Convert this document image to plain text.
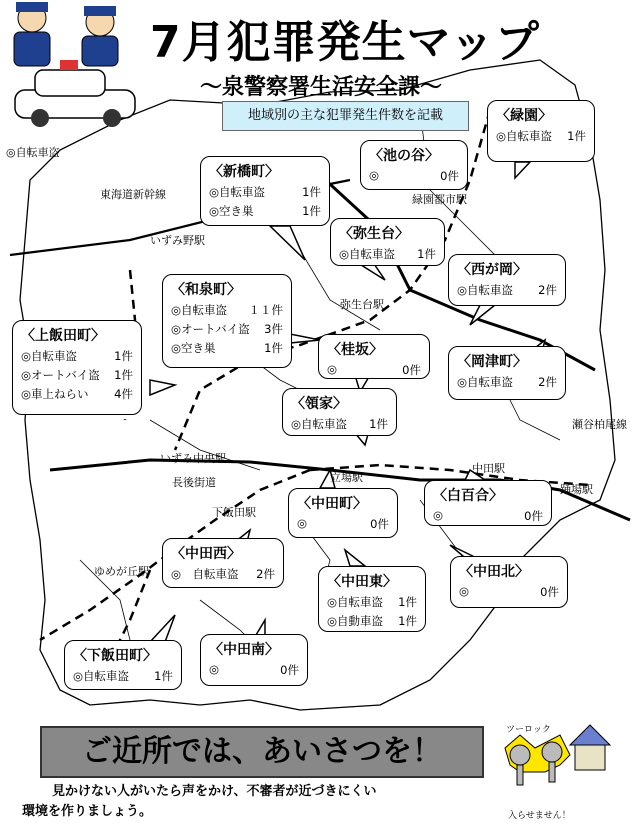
7月犯罪発生マップ
～泉警察署生活安全課～
地域別の主な犯罪発生件数を記載
◎自転車盗
東海道新幹線
いずみ野駅
緑園都市駅
弥生台駅
瀬谷柏尾線
いずみ中央駅
長後街道	立場駅
中田駅
踊場駅
下飯田駅
ゆめが丘駅
〈緑園〉
◎自転車盗 1件
〈池の谷〉
◎	0件
〈新橋町〉
◎自転車盗	1件
◎空き巣	1件
〈弥生台〉
◎自転車盗 1件
〈西が岡〉
◎自転車盗 2件
〈和泉町〉
◎自転車盗 １１件
◎オートバイ盗 3件
◎空き巣	1件
〈上飯田町〉
◎自転車盗	1件
◎オートバイ盗 1件
◎車上ねらい 4件
〈桂坂〉
◎	0件	〈岡津町〉
◎自転車盗 2件
〈領家〉
◎自転車盗 1件
〈中田町〉
◎	0件
〈白百合〉
◎	0件
〈中田西〉
◎　自転車盗 2件	〈中田北〉
◎	0件
〈中田東〉
◎自転車盗 1件
◎自動車盗 1件
〈下飯田町〉
◎自転車盗 1件
〈中田南〉
◎	0件
ご近所では、あいさつを！
見かけない人がいたら声をかけ、不審者が近づきにくい
環境を作りましょう。
ツーロック
入らせません！
